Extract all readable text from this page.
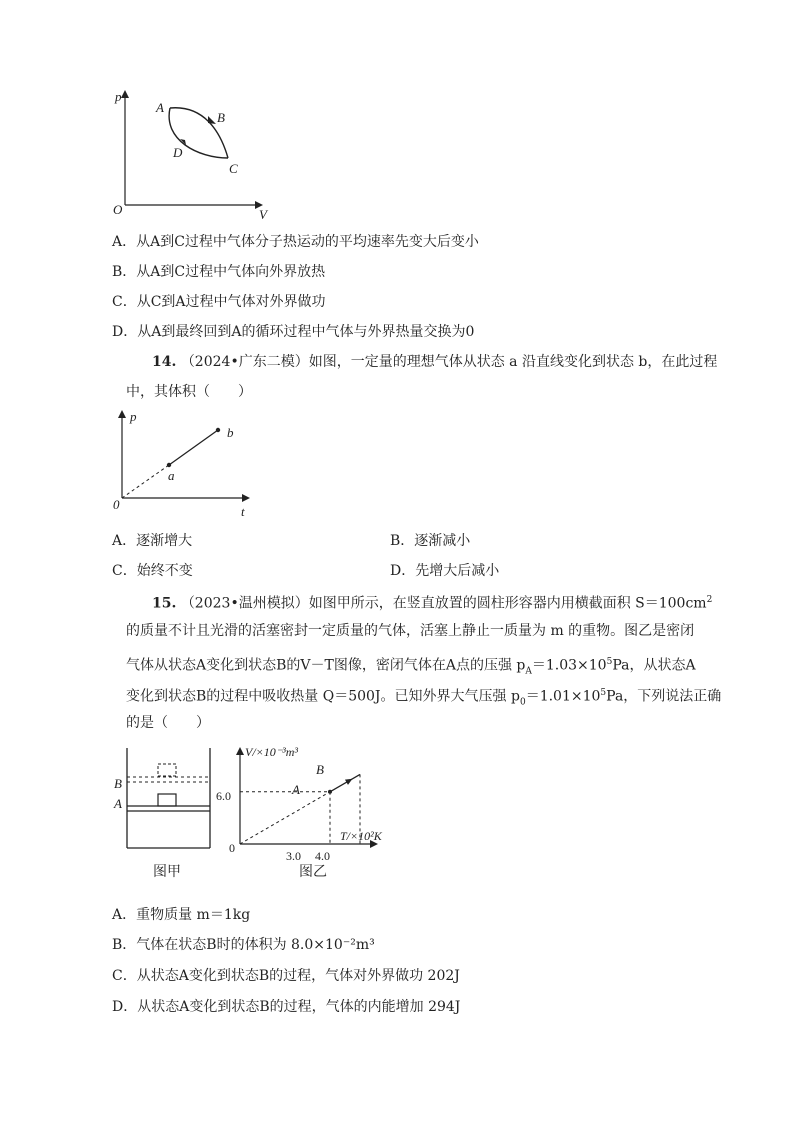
p
V
O
A
B
C
D
A．从A到C过程中气体分子热运动的平均速率先变大后变小
B．从A到C过程中气体向外界放热
C．从C到A过程中气体对外界做功
D．从A到最终回到A的循环过程中气体与外界热量交换为0
14. （2024•广东二模）如图，一定量的理想气体从状态 a 沿直线变化到状态 b，在此过程
中，其体积（　　）
p
t
0
a
b
A．逐渐增大	B．逐渐减小
C．始终不变	D．先增大后减小
15. （2023•温州模拟）如图甲所示，在竖直放置的圆柱形容器内用横截面积 $S=100cm^2$
的质量不计且光滑的活塞密封一定质量的气体，活塞上静止一质量为 m 的重物。图乙是密闭
气体从状态A变化到状态B的V－T图像，密闭气体在A点的压强 $p_A=1.03\times 10^5Pa$，从状态A
变化到状态B的过程中吸收热量 Q＝500J。已知外界大气压强 $p_0=1.01\times 10^5Pa$，下列说法正确
的是（　　）
B
A
图甲
V/×10⁻³m³
T/×10²K
6.0
3.0 4.0
0
A
B
图乙
A．重物质量 m＝1kg
B．气体在状态B时的体积为 8.0×10⁻²m³
C．从状态A变化到状态B的过程，气体对外界做功 202J
D．从状态A变化到状态B的过程，气体的内能增加 294J
